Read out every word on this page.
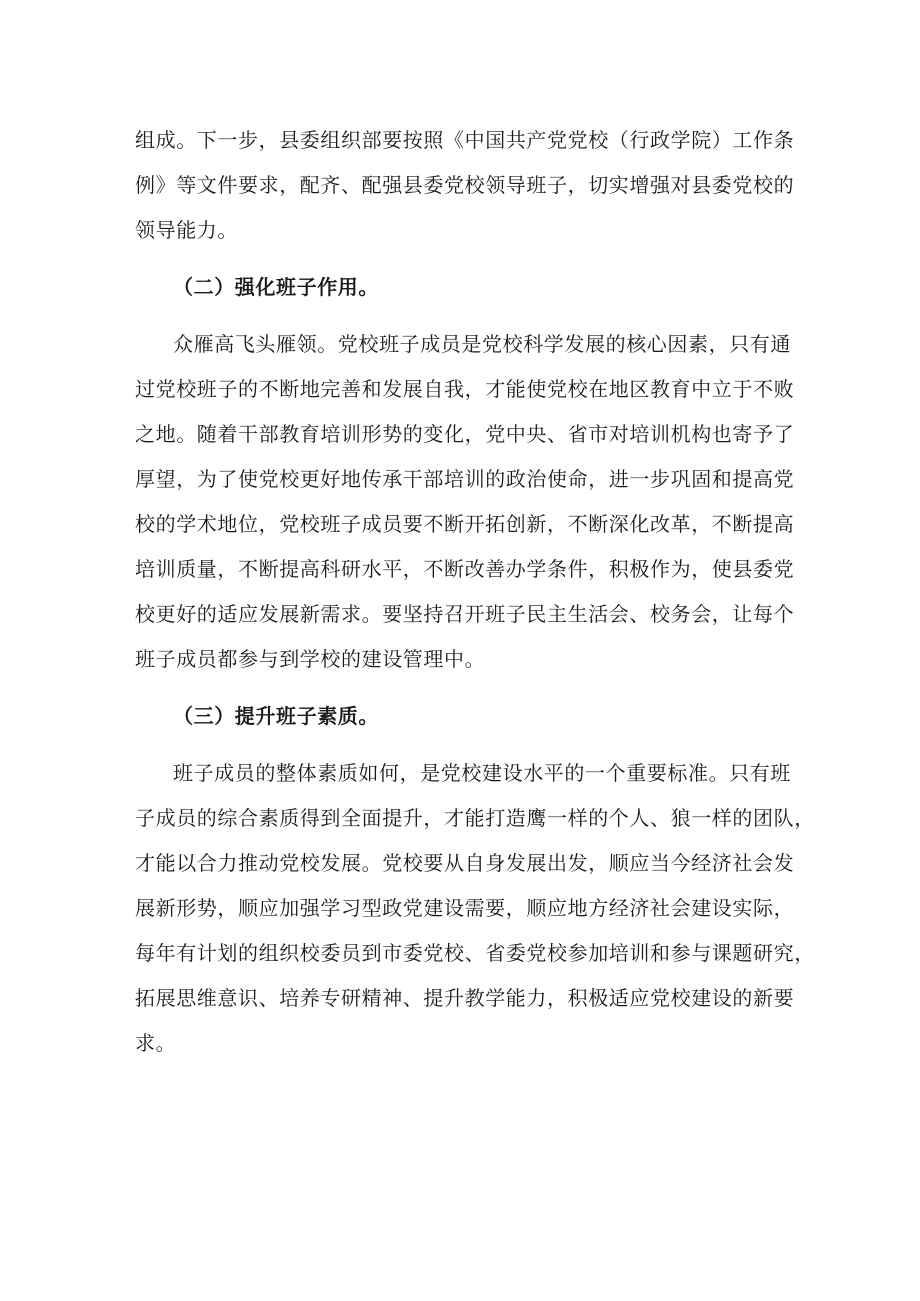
组成。下一步，县委组织部要按照《中国共产党党校（行政学院）工作条
例》等文件要求，配齐、配强县委党校领导班子，切实增强对县委党校的
领导能力。
（二）强化班子作用。
众雁高飞头雁领。党校班子成员是党校科学发展的核心因素，只有通
过党校班子的不断地完善和发展自我，才能使党校在地区教育中立于不败
之地。随着干部教育培训形势的变化，党中央、省市对培训机构也寄予了
厚望，为了使党校更好地传承干部培训的政治使命，进一步巩固和提高党
校的学术地位，党校班子成员要不断开拓创新，不断深化改革，不断提高
培训质量，不断提高科研水平，不断改善办学条件，积极作为，使县委党
校更好的适应发展新需求。要坚持召开班子民主生活会、校务会，让每个
班子成员都参与到学校的建设管理中。
（三）提升班子素质。
班子成员的整体素质如何，是党校建设水平的一个重要标准。只有班
子成员的综合素质得到全面提升，才能打造鹰一样的个人、狼一样的团队，
才能以合力推动党校发展。党校要从自身发展出发，顺应当今经济社会发
展新形势，顺应加强学习型政党建设需要，顺应地方经济社会建设实际，
每年有计划的组织校委员到市委党校、省委党校参加培训和参与课题研究，
拓展思维意识、培养专研精神、提升教学能力，积极适应党校建设的新要
求。
